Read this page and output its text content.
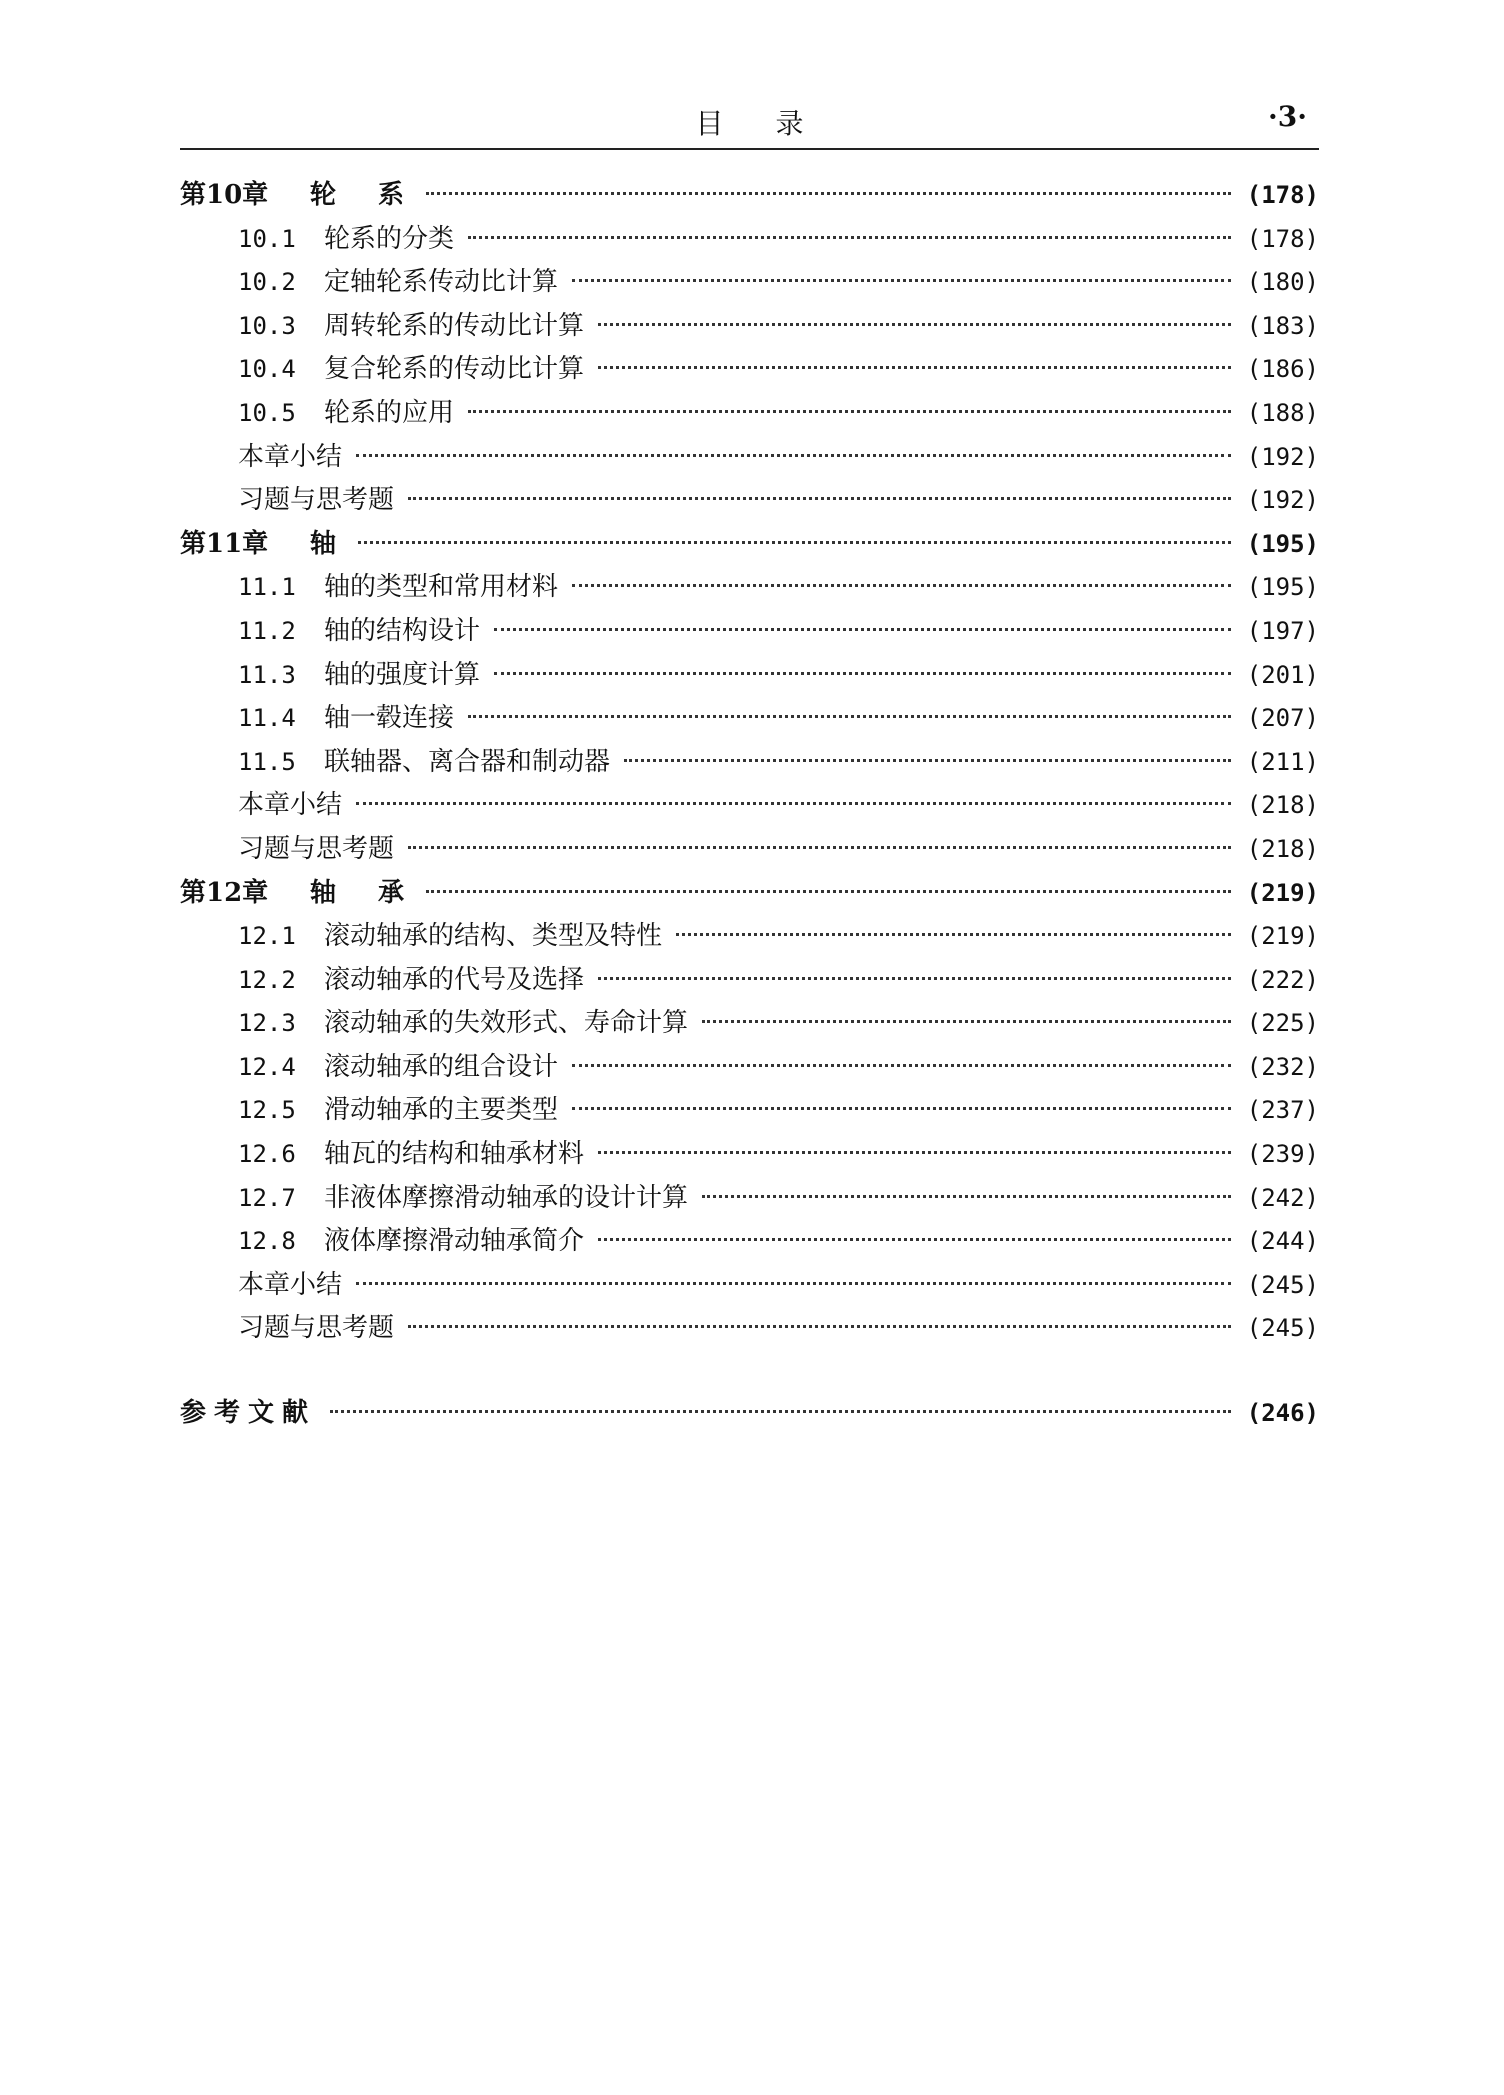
目录	·3·
第10章	轮　系	(178)
10.1	轮系的分类	(178)
10.2	定轴轮系传动比计算	(180)
10.3	周转轮系的传动比计算	(183)
10.4	复合轮系的传动比计算	(186)
10.5	轮系的应用	(188)
本章小结	(192)
习题与思考题	(192)
第11章	轴	(195)
11.1	轴的类型和常用材料	(195)
11.2	轴的结构设计	(197)
11.3	轴的强度计算	(201)
11.4	轴一毂连接	(207)
11.5	联轴器、离合器和制动器	(211)
本章小结	(218)
习题与思考题	(218)
第12章	轴　承	(219)
12.1	滚动轴承的结构、类型及特性	(219)
12.2	滚动轴承的代号及选择	(222)
12.3	滚动轴承的失效形式、寿命计算	(225)
12.4	滚动轴承的组合设计	(232)
12.5	滑动轴承的主要类型	(237)
12.6	轴瓦的结构和轴承材料	(239)
12.7	非液体摩擦滑动轴承的设计计算	(242)
12.8	液体摩擦滑动轴承简介	(244)
本章小结	(245)
习题与思考题	(245)
参考文献	(246)
